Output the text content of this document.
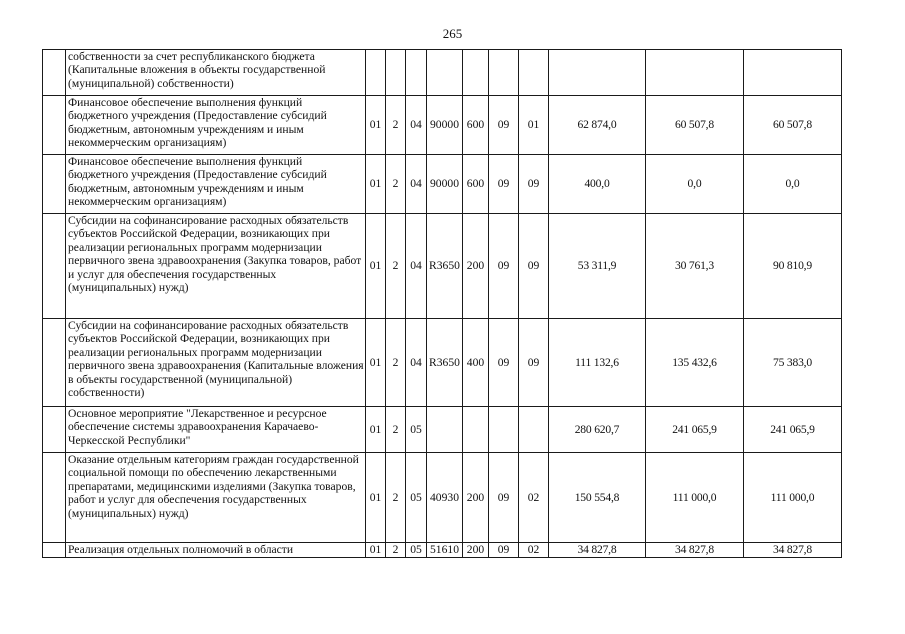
265
	собственности за счет республиканского бюджета (Капитальные вложения в объекты государственной (муниципальной) собственности)										
	Финансовое обеспечение выполнения функций бюджетного учреждения (Предоставление субсидий бюджетным, автономным учреждениям и иным некоммерческим организациям)	01	2	04	90000	600	09	01	62 874,0	60 507,8	60 507,8
	Финансовое обеспечение выполнения функций бюджетного учреждения (Предоставление субсидий бюджетным, автономным учреждениям и иным некоммерческим организациям)	01	2	04	90000	600	09	09	400,0	0,0	0,0
	Субсидии на софинансирование расходных обязательств субъектов Российской Федерации, возникающих при реализации региональных программ модернизации первичного звена здравоохранения (Закупка товаров, работ и услуг для обеспечения государственных (муниципальных) нужд)	01	2	04	R3650	200	09	09	53 311,9	30 761,3	90 810,9
	Субсидии на софинансирование расходных обязательств субъектов Российской Федерации, возникающих при реализации региональных программ модернизации первичного звена здравоохранения (Капитальные вложения в объекты государственной (муниципальной) собственности)	01	2	04	R3650	400	09	09	111 132,6	135 432,6	75 383,0
	Основное мероприятие "Лекарственное и ресурсное обеспечение системы здравоохранения Карачаево-Черкесской Республики"	01	2	05					280 620,7	241 065,9	241 065,9
	Оказание отдельным категориям граждан государственной социальной помощи по обеспечению лекарственными препаратами, медицинскими изделиями (Закупка товаров, работ и услуг для обеспечения государственных (муниципальных) нужд)	01	2	05	40930	200	09	02	150 554,8	111 000,0	111 000,0
	Реализация отдельных полномочий в области	01	2	05	51610	200	09	02	34 827,8	34 827,8	34 827,8
